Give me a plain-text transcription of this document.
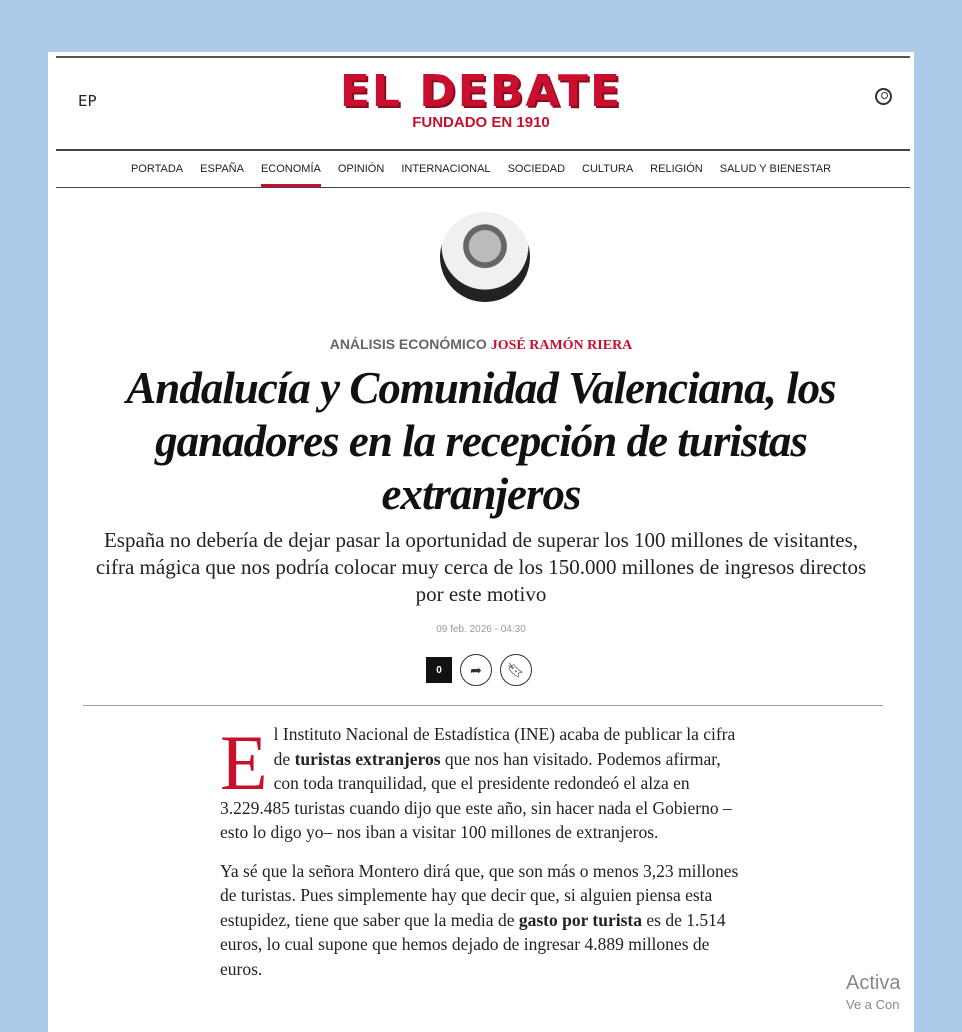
EP	EL DEBATE
FUNDADO EN 1910
PORTADA ESPAÑA ECONOMÍA OPINIÓN INTERNACIONAL SOCIEDAD CULTURA RELIGIÓN SALUD Y BIENESTAR
ANÁLISIS ECONÓMICO JOSÉ RAMÓN RIERA
Andalucía y Comunidad Valenciana, los ganadores en la recepción de turistas extranjeros
España no debería de dejar pasar la oportunidad de superar los 100 millones de visitantes, cifra mágica que nos podría colocar muy cerca de los 150.000 millones de ingresos directos por este motivo
09 feb. 2026 - 04:30
0 ➦ 🔖︎

El Instituto Nacional de Estadística (INE) acaba de publicar la cifra de turistas extranjeros que nos han visitado. Podemos afirmar, con toda tranquilidad, que el presidente redondeó el alza en 3.229.485 turistas cuando dijo que este año, sin hacer nada el Gobierno –esto lo digo yo– nos iban a visitar 100 millones de extranjeros.

Ya sé que la señora Montero dirá que, que son más o menos 3,23 millones de turistas. Pues simplemente hay que decir que, si alguien piensa esta estupidez, tiene que saber que la media de gasto por turista es de 1.514 euros, lo cual supone que hemos dejado de ingresar 4.889 millones de euros.

Activa
Ve a Con
